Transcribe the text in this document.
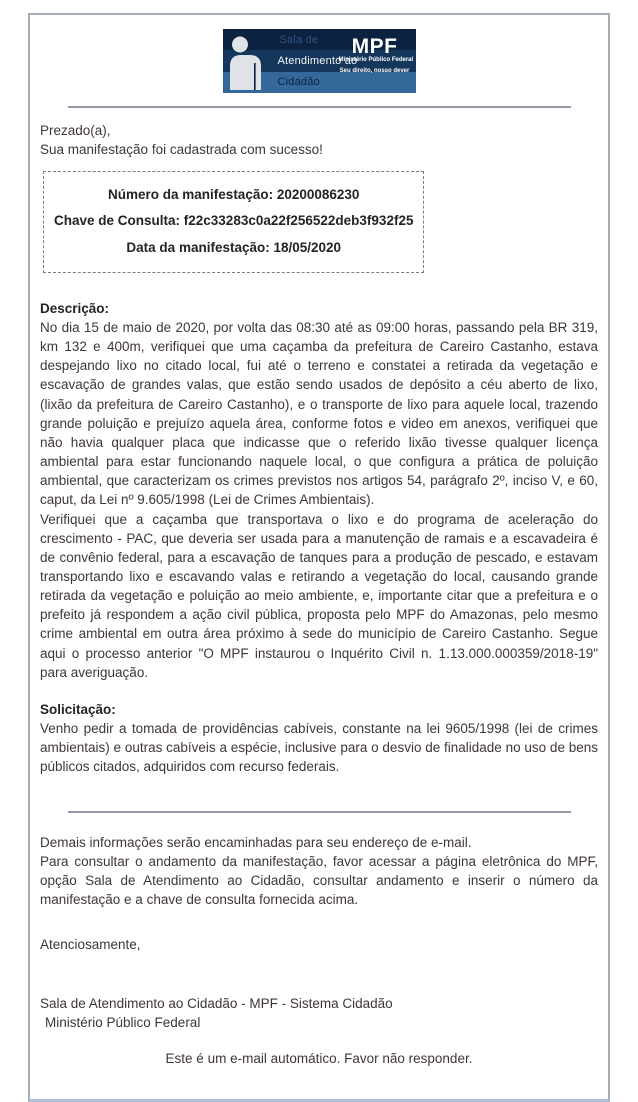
Sala de
Atendimento ao
Cidadão
MPF
Ministério Público Federal
Seu direito, nosso dever

Prezado(a),

Sua manifestação foi cadastrada com sucesso!

Número da manifestação: 20200086230
Chave de Consulta: f22c33283c0a22f256522deb3f932f25
Data da manifestação: 18/05/2020

Descrição:

No dia 15 de maio de 2020, por volta das 08:30 até as 09:00 horas, passando pela BR 319, km 132 e 400m, verifiquei que uma caçamba da prefeitura de Careiro Castanho, estava despejando lixo no citado local, fui até o terreno e constatei a retirada da vegetação e escavação de grandes valas, que estão sendo usados de depósito a céu aberto de lixo, (lixão da prefeitura de Careiro Castanho), e o transporte de lixo para aquele local, trazendo grande poluição e prejuízo aquela área, conforme fotos e video em anexos, verifiquei que não havia qualquer placa que indicasse que o referido lixão tivesse qualquer licença ambiental para estar funcionando naquele local, o que configura a prática de poluição ambiental, que caracterizam os crimes previstos nos artigos 54, parágrafo 2º, inciso V, e 60, caput, da Lei nº 9.605/1998 (Lei de Crimes Ambientais).

Verifiquei que a caçamba que transportava o lixo e do programa de aceleração do crescimento - PAC, que deveria ser usada para a manutenção de ramais e a escavadeira é de convênio federal, para a escavação de tanques para a produção de pescado, e estavam transportando lixo e escavando valas e retirando a vegetação do local, causando grande retirada da vegetação e poluição ao meio ambiente, e, importante citar que a prefeitura e o prefeito já respondem a ação civil pública, proposta pelo MPF do Amazonas, pelo mesmo crime ambiental em outra área próximo à sede do município de Careiro Castanho. Segue aqui o processo anterior "O MPF instaurou o Inquérito Civil n. 1.13.000.000359/2018-19" para averiguação.

Solicitação:

Venho pedir a tomada de providências cabíveis, constante na lei 9605/1998 (lei de crimes ambientais) e outras cabíveis a espécie, inclusive para o desvio de finalidade no uso de bens públicos citados, adquiridos com recurso federais.

Demais informações serão encaminhadas para seu endereço de e-mail.

Para consultar o andamento da manifestação, favor acessar a página eletrônica do MPF, opção Sala de Atendimento ao Cidadão, consultar andamento e inserir o número da manifestação e a chave de consulta fornecida acima.

Atenciosamente,

Sala de Atendimento ao Cidadão - MPF - Sistema Cidadão

Ministério Público Federal

Este é um e-mail automático. Favor não responder.
